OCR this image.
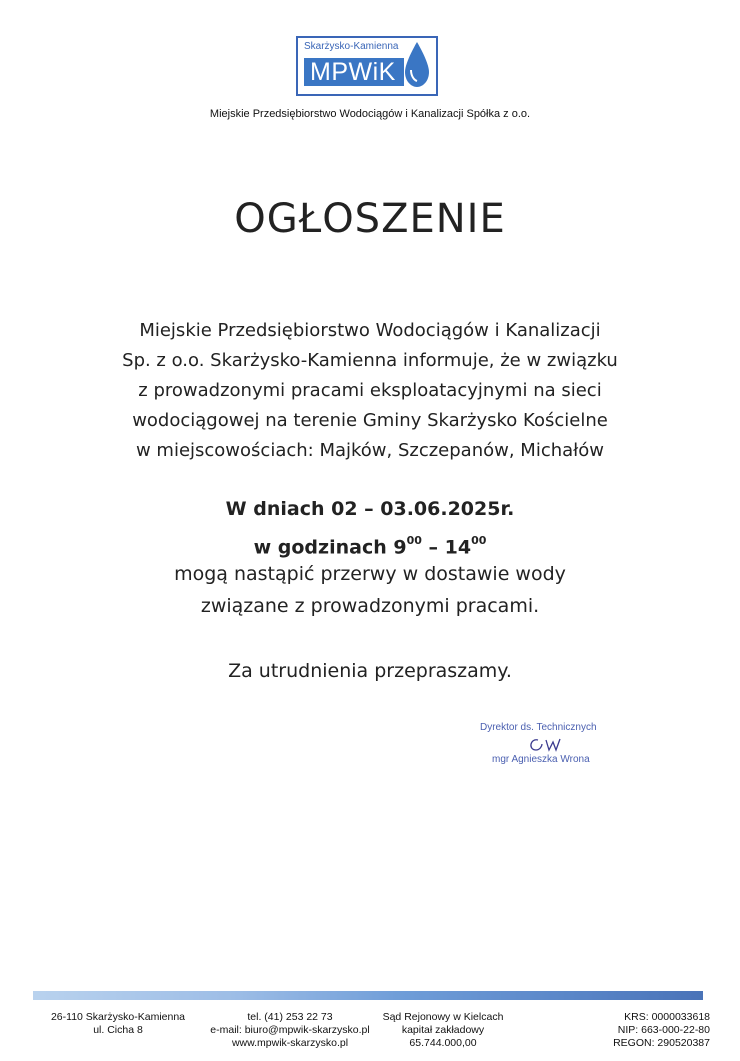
Skarżysko-Kamienna
MPWiK
Miejskie Przedsiębiorstwo Wodociągów i Kanalizacji Spółka z o.o.
OGŁOSZENIE
Miejskie Przedsiębiorstwo Wodociągów i Kanalizacji
Sp. z o.o. Skarżysko-Kamienna informuje, że w związku
z prowadzonymi pracami eksploatacyjnymi na sieci
wodociągowej na terenie Gminy Skarżysko Kościelne
w miejscowościach: Majków, Szczepanów, Michałów
W dniach 02 – 03.06.2025r.
w godzinach $9^{00} - 14^{00}$
mogą nastąpić przerwy w dostawie wody
związane z prowadzonymi pracami.
Za utrudnienia przepraszamy.
Dyrektor ds. Technicznych
mgr Agnieszka Wrona
26-110 Skarżysko-Kamienna
ul. Cicha 8
tel. (41) 253 22 73
e-mail: biuro@mpwik-skarzysko.pl
www.mpwik-skarzysko.pl
Sąd Rejonowy w Kielcach
kapitał zakładowy
65.744.000,00
KRS: 0000033618
NIP: 663-000-22-80
REGON: 290520387
